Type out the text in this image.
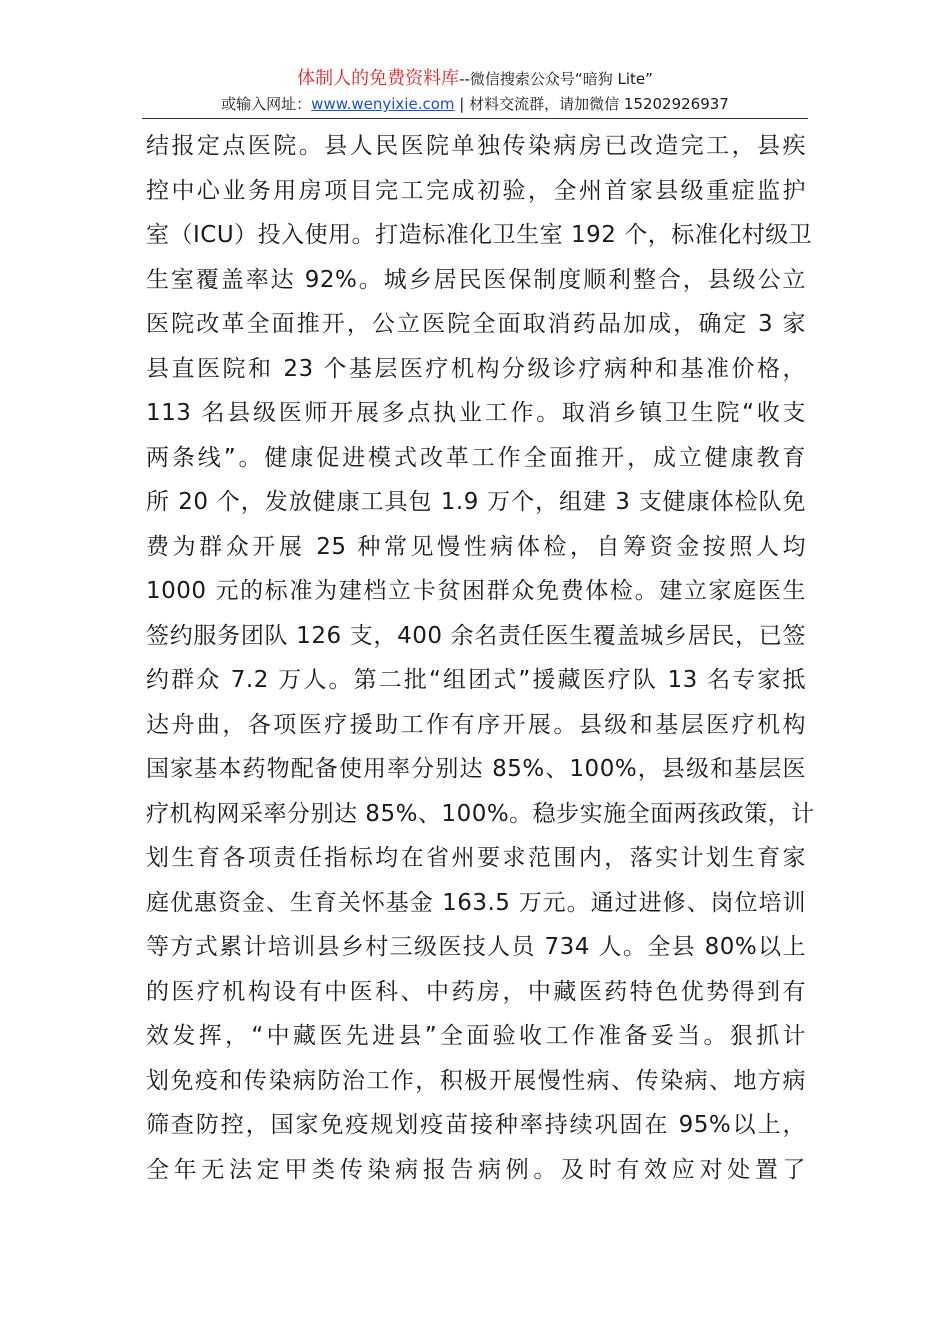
体制人的免费资料库--微信搜索公众号“暗狗 Lite”
或输入网址：www.wenyixie.com | 材料交流群，请加微信 15202926937
结报定点医院。县人民医院单独传染病房已改造完工，县疾
控中心业务用房项目完工完成初验，全州首家县级重症监护
室（ICU）投入使用。打造标准化卫生室 192 个，标准化村级卫
生室覆盖率达 92%。城乡居民医保制度顺利整合，县级公立
医院改革全面推开，公立医院全面取消药品加成，确定 3 家
县直医院和 23 个基层医疗机构分级诊疗病种和基准价格，
113 名县级医师开展多点执业工作。取消乡镇卫生院“收支
两条线”。健康促进模式改革工作全面推开，成立健康教育
所 20 个，发放健康工具包 1.9 万个，组建 3 支健康体检队免
费为群众开展 25 种常见慢性病体检，自筹资金按照人均
1000 元的标准为建档立卡贫困群众免费体检。建立家庭医生
签约服务团队 126 支，400 余名责任医生覆盖城乡居民，已签
约群众 7.2 万人。第二批“组团式”援藏医疗队 13 名专家抵
达舟曲，各项医疗援助工作有序开展。县级和基层医疗机构
国家基本药物配备使用率分别达 85%、100%，县级和基层医
疗机构网采率分别达 85%、100%。稳步实施全面两孩政策，计
划生育各项责任指标均在省州要求范围内，落实计划生育家
庭优惠资金、生育关怀基金 163.5 万元。通过进修、岗位培训
等方式累计培训县乡村三级医技人员 734 人。全县 80%以上
的医疗机构设有中医科、中药房，中藏医药特色优势得到有
效发挥，“中藏医先进县”全面验收工作准备妥当。狠抓计
划免疫和传染病防治工作，积极开展慢性病、传染病、地方病
筛查防控，国家免疫规划疫苗接种率持续巩固在 95%以上，
全年无法定甲类传染病报告病例。及时有效应对处置了
